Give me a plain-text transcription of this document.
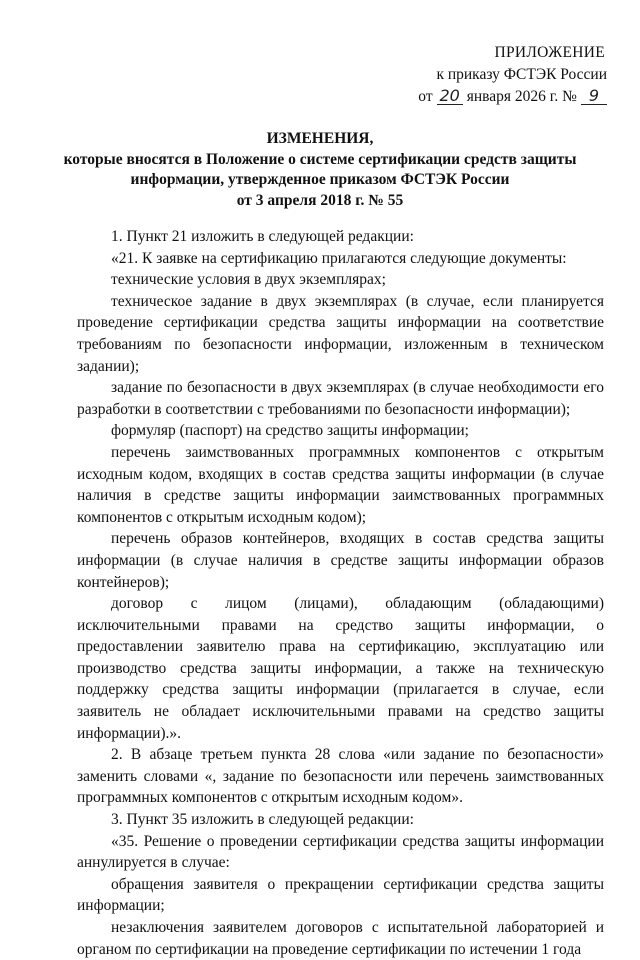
ПРИЛОЖЕНИЕ
к приказу ФСТЭК России
от 20 января 2026 г. № 9
ИЗМЕНЕНИЯ,
которые вносятся в Положение о системе сертификации средств защиты информации, утвержденное приказом ФСТЭК России
от 3 апреля 2018 г. № 55

1. Пункт 21 изложить в следующей редакции:

«21. К заявке на сертификацию прилагаются следующие документы:

технические условия в двух экземплярах;

техническое задание в двух экземплярах (в случае, если планируется проведение сертификации средства защиты информации на соответствие требованиям по безопасности информации, изложенным в техническом задании);

задание по безопасности в двух экземплярах (в случае необходимости его разработки в соответствии с требованиями по безопасности информации);

формуляр (паспорт) на средство защиты информации;

перечень заимствованных программных компонентов с открытым исходным кодом, входящих в состав средства защиты информации (в случае наличия в средстве защиты информации заимствованных программных компонентов с открытым исходным кодом);

перечень образов контейнеров, входящих в состав средства защиты информации (в случае наличия в средстве защиты информации образов контейнеров);

договор с лицом (лицами), обладающим (обладающими) исключительными правами на средство защиты информации, о предоставлении заявителю права на сертификацию, эксплуатацию или производство средства защиты информации, а также на техническую поддержку средства защиты информации (прилагается в случае, если заявитель не обладает исключительными правами на средство защиты информации).».

2. В абзаце третьем пункта 28 слова «или задание по безопасности» заменить словами «, задание по безопасности или перечень заимствованных программных компонентов с открытым исходным кодом».

3. Пункт 35 изложить в следующей редакции:

«35. Решение о проведении сертификации средства защиты информации аннулируется в случае:

обращения заявителя о прекращении сертификации средства защиты информации;

незаключения заявителем договоров с испытательной лабораторией и органом по сертификации на проведение сертификации по истечении 1 года
